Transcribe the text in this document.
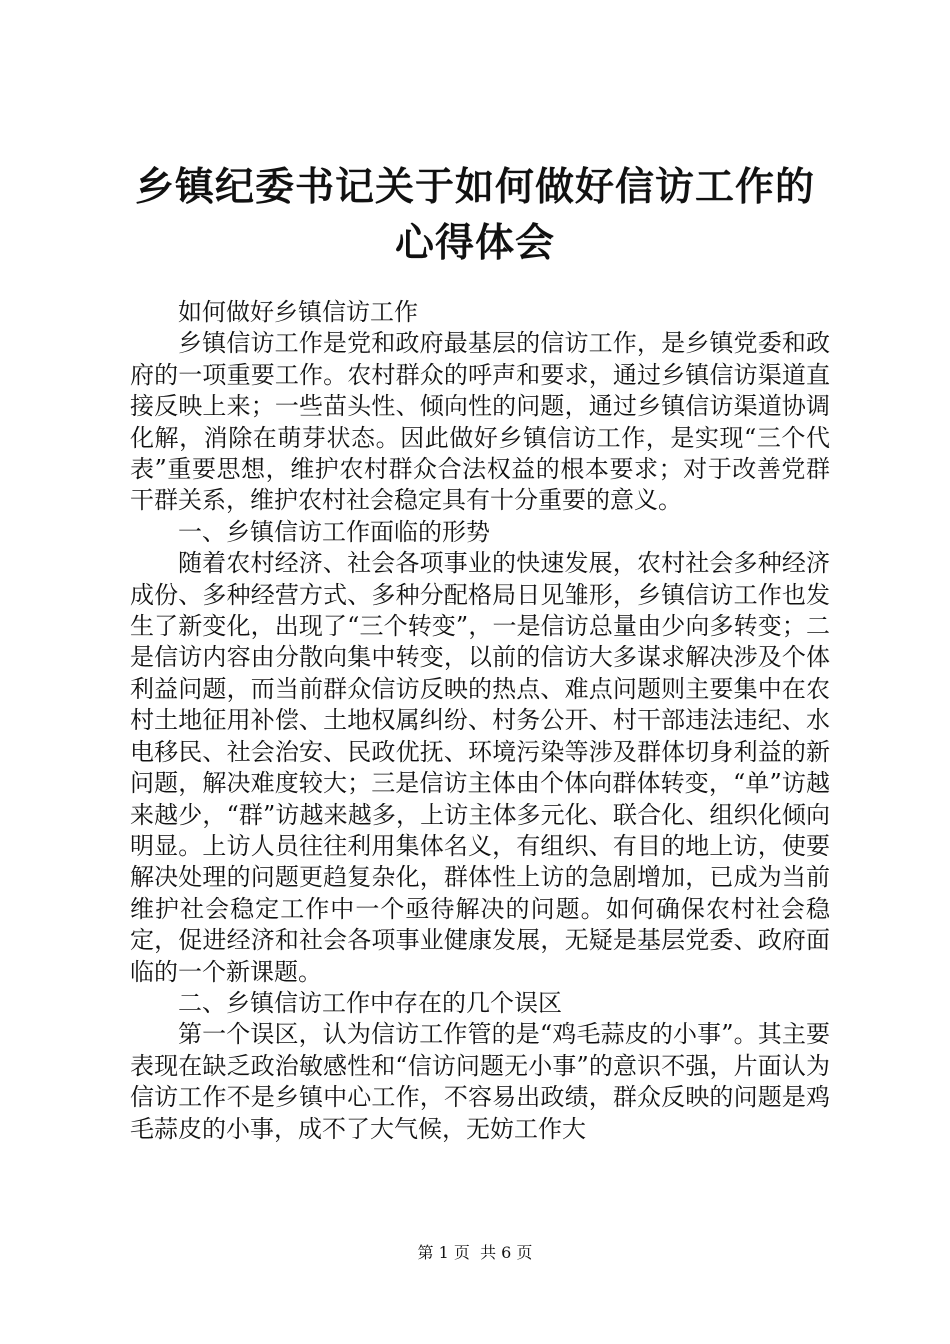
乡镇纪委书记关于如何做好信访工作的心得体会

如何做好乡镇信访工作

乡镇信访工作是党和政府最基层的信访工作，是乡镇党委和政府的一项重要工作。农村群众的呼声和要求，通过乡镇信访渠道直接反映上来；一些苗头性、倾向性的问题，通过乡镇信访渠道协调化解，消除在萌芽状态。因此做好乡镇信访工作，是实现“三个代表”重要思想，维护农村群众合法权益的根本要求；对于改善党群干群关系，维护农村社会稳定具有十分重要的意义。

一、乡镇信访工作面临的形势

随着农村经济、社会各项事业的快速发展，农村社会多种经济成份、多种经营方式、多种分配格局日见雏形，乡镇信访工作也发生了新变化，出现了“三个转变”，一是信访总量由少向多转变；二是信访内容由分散向集中转变，以前的信访大多谋求解决涉及个体利益问题，而当前群众信访反映的热点、难点问题则主要集中在农村土地征用补偿、土地权属纠纷、村务公开、村干部违法违纪、水电移民、社会治安、民政优抚、环境污染等涉及群体切身利益的新问题，解决难度较大；三是信访主体由个体向群体转变，“单”访越来越少，“群”访越来越多，上访主体多元化、联合化、组织化倾向明显。上访人员往往利用集体名义，有组织、有目的地上访，使要解决处理的问题更趋复杂化，群体性上访的急剧增加，已成为当前维护社会稳定工作中一个亟待解决的问题。如何确保农村社会稳定，促进经济和社会各项事业健康发展，无疑是基层党委、政府面临的一个新课题。

二、乡镇信访工作中存在的几个误区

第一个误区，认为信访工作管的是“鸡毛蒜皮的小事”。其主要表现在缺乏政治敏感性和“信访问题无小事”的意识不强，片面认为信访工作不是乡镇中心工作，不容易出政绩，群众反映的问题是鸡毛蒜皮的小事，成不了大气候，无妨工作大

第 1 页  共 6 页
